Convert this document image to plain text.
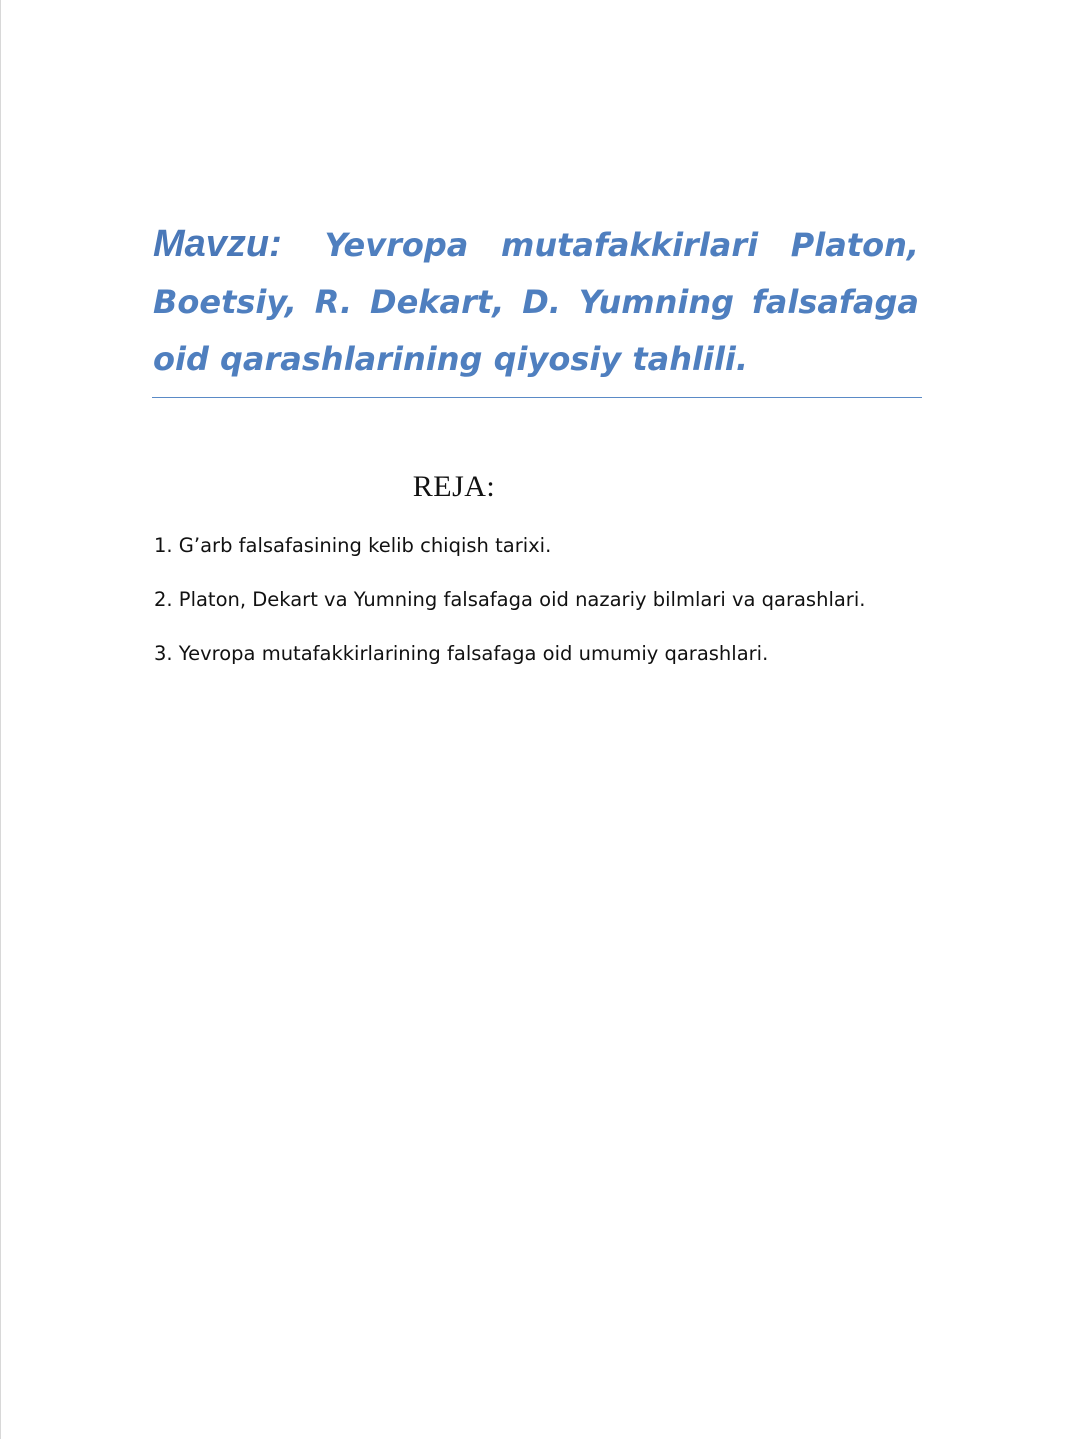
Mavzu: Yevropa mutafakkirlari Platon, Boetsiy, R. Dekart, D. Yumning falsafaga oid qarashlarining qiyosiy tahlili.
REJA:
1. G’arb falsafasining kelib chiqish tarixi.
2. Platon, Dekart va Yumning falsafaga oid nazariy bilmlari va qarashlari.
3. Yevropa mutafakkirlarining falsafaga oid umumiy qarashlari.
